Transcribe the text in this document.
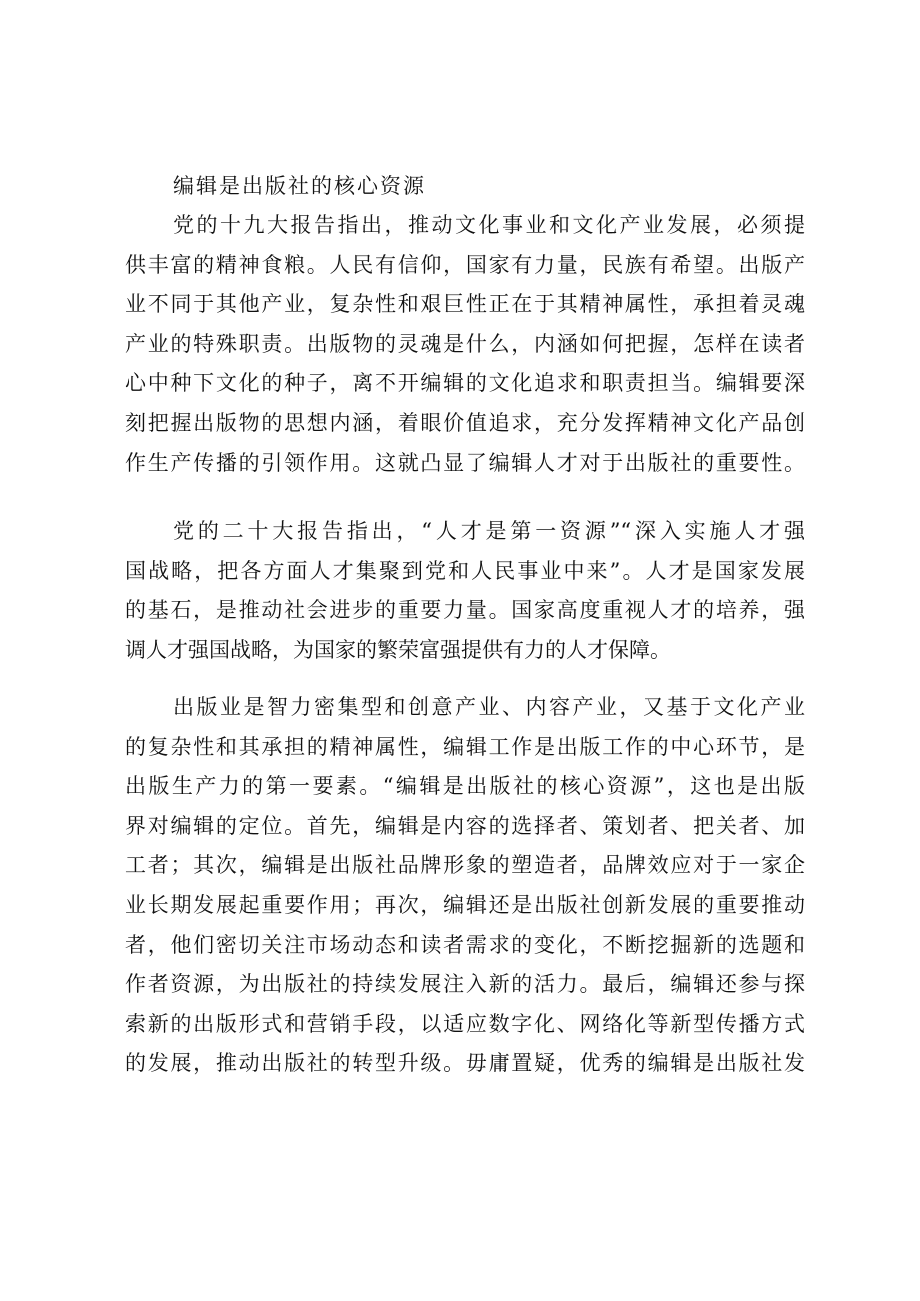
编辑是出版社的核心资源
党的十九大报告指出，推动文化事业和文化产业发展，必须提
供丰富的精神食粮。人民有信仰，国家有力量，民族有希望。出版产
业不同于其他产业，复杂性和艰巨性正在于其精神属性，承担着灵魂
产业的特殊职责。出版物的灵魂是什么，内涵如何把握，怎样在读者
心中种下文化的种子，离不开编辑的文化追求和职责担当。编辑要深
刻把握出版物的思想内涵，着眼价值追求，充分发挥精神文化产品创
作生产传播的引领作用。这就凸显了编辑人才对于出版社的重要性。
党的二十大报告指出，“人才是第一资源”“深入实施人才强
国战略，把各方面人才集聚到党和人民事业中来”。人才是国家发展
的基石，是推动社会进步的重要力量。国家高度重视人才的培养，强
调人才强国战略，为国家的繁荣富强提供有力的人才保障。
出版业是智力密集型和创意产业、内容产业，又基于文化产业
的复杂性和其承担的精神属性，编辑工作是出版工作的中心环节，是
出版生产力的第一要素。“编辑是出版社的核心资源”，这也是出版
界对编辑的定位。首先，编辑是内容的选择者、策划者、把关者、加
工者；其次，编辑是出版社品牌形象的塑造者，品牌效应对于一家企
业长期发展起重要作用；再次，编辑还是出版社创新发展的重要推动
者，他们密切关注市场动态和读者需求的变化，不断挖掘新的选题和
作者资源，为出版社的持续发展注入新的活力。最后，编辑还参与探
索新的出版形式和营销手段，以适应数字化、网络化等新型传播方式
的发展，推动出版社的转型升级。毋庸置疑，优秀的编辑是出版社发
